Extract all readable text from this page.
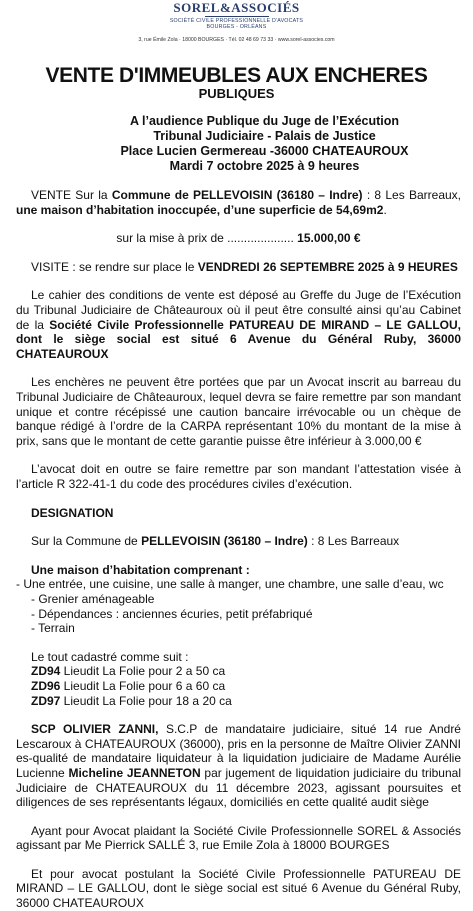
SOREL&ASSOCIÉS
SOCIÉTÉ CIVILE PROFESSIONNELLE D'AVOCATS
BOURGES - ORLÉANS
3, rue Émile Zola · 18000 BOURGES · Tél. 02 48 69 73 33 · www.sorel-associes.com
VENTE D'IMMEUBLES AUX ENCHERES
PUBLIQUES
A l’audience Publique du Juge de l’Exécution
Tribunal Judiciaire - Palais de Justice
Place Lucien Germereau -36000 CHATEAUROUX
Mardi 7 octobre 2025 à 9 heures

VENTE Sur la Commune de PELLEVOISIN (36180 – Indre) : 8 Les Barreaux, une maison d’habitation inoccupée, d’une superficie de 54,69m2.

sur la mise à prix de .................... 15.000,00 €

VISITE : se rendre sur place le VENDREDI 26 SEPTEMBRE 2025 à 9 HEURES

Le cahier des conditions de vente est déposé au Greffe du Juge de l’Exécution du Tribunal Judiciaire de Châteauroux où il peut être consulté ainsi qu’au Cabinet de la Société Civile Professionnelle PATUREAU DE MIRAND – LE GALLOU, dont le siège social est situé 6 Avenue du Général Ruby, 36000 CHATEAUROUX

Les enchères ne peuvent être portées que par un Avocat inscrit au barreau du Tribunal Judiciaire de Châteauroux, lequel devra se faire remettre par son mandant unique et contre récépissé une caution bancaire irrévocable ou un chèque de banque rédigé à l’ordre de la CARPA représentant 10% du montant de la mise à prix, sans que le montant de cette garantie puisse être inférieur à 3.000,00 €

L’avocat doit en outre se faire remettre par son mandant l’attestation visée à l’article R 322-41-1 du code des procédures civiles d’exécution.

DESIGNATION

Sur la Commune de PELLEVOISIN (36180 – Indre) : 8 Les Barreaux

Une maison d’habitation comprenant :
- Une entrée, une cuisine, une salle à manger, une chambre, une salle d’eau, wc
- Grenier aménageable
- Dépendances : anciennes écuries, petit préfabriqué
- Terrain
Le tout cadastré comme suit :
ZD94 Lieudit La Folie pour 2 a 50 ca
ZD96 Lieudit La Folie pour 6 a 60 ca
ZD97 Lieudit La Folie pour 18 a 20 ca

SCP OLIVIER ZANNI, S.C.P de mandataire judiciaire, situé 14 rue André Lescaroux à CHATEAUROUX (36000), pris en la personne de Maître Olivier ZANNI es-qualité de mandataire liquidateur à la liquidation judiciaire de Madame Aurélie Lucienne Micheline JEANNETON par jugement de liquidation judiciaire du tribunal Judiciaire de CHATEAUROUX du 11 décembre 2023, agissant poursuites et diligences de ses représentants légaux, domiciliés en cette qualité audit siège

Ayant pour Avocat plaidant la Société Civile Professionnelle SOREL & Associés agissant par Me Pierrick SALLÉ 3, rue Emile Zola à 18000 BOURGES

Et pour avocat postulant la Société Civile Professionnelle PATUREAU DE MIRAND – LE GALLOU, dont le siège social est situé 6 Avenue du Général Ruby, 36000 CHATEAUROUX
